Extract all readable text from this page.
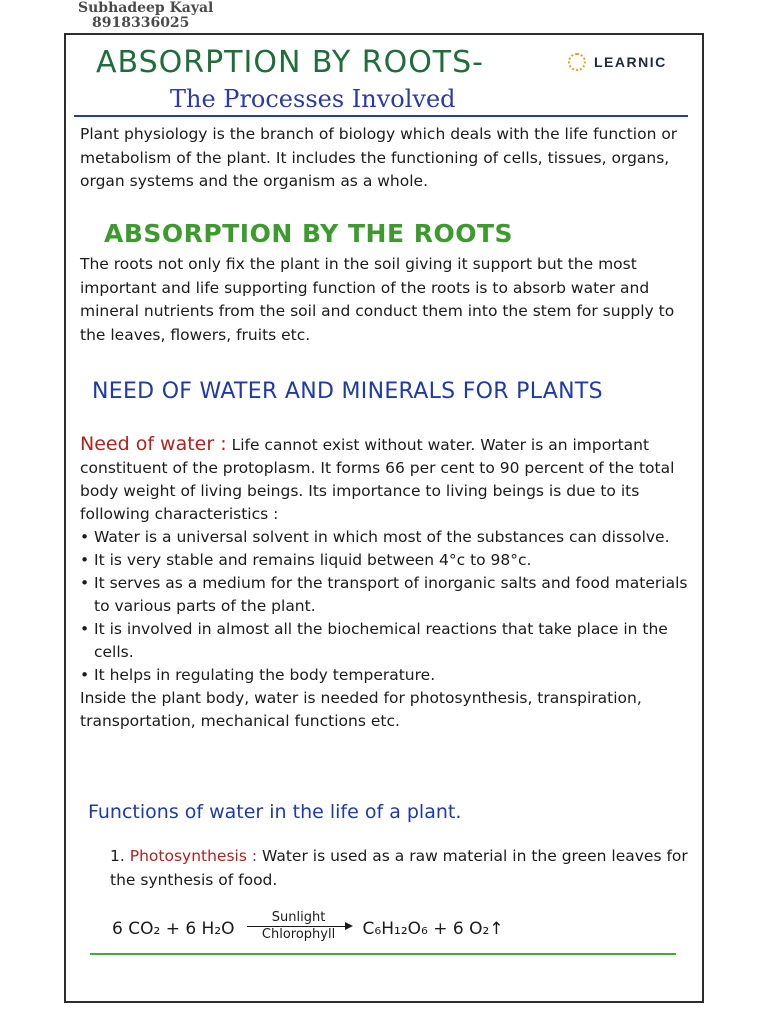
Subhadeep Kayal
8918336025
ABSORPTION BY ROOTS-	LEARNIC
The Processes Involved

Plant physiology is the branch of biology which deals with the life function or metabolism of the plant. It includes the functioning of cells, tissues, organs, organ systems and the organism as a whole.

ABSORPTION BY THE ROOTS

The roots not only fix the plant in the soil giving it support but the most important and life supporting function of the roots is to absorb water and mineral nutrients from the soil and conduct them into the stem for supply to the leaves, flowers, fruits etc.

NEED OF WATER AND MINERALS FOR PLANTS

Need of water : Life cannot exist without water. Water is an important constituent of the protoplasm. It forms 66 per cent to 90 percent of the total body weight of living beings. Its importance to living beings is due to its following characteristics :

• Water is a universal solvent in which most of the substances can dissolve.
• It is very stable and remains liquid between 4°c to 98°c.
• It serves as a medium for the transport of inorganic salts and food materials to various parts of the plant.
• It is involved in almost all the biochemical reactions that take place in the cells.
• It helps in regulating the body temperature.

Inside the plant body, water is needed for photosynthesis, transpiration, transportation, mechanical functions etc.

Functions of water in the life of a plant.

1. Photosynthesis : Water is used as a raw material in the green leaves for the synthesis of food.

6 CO₂ + 6 H₂O
Sunlight
Chlorophyll C₆H₁₂O₆ + 6 O₂↑
